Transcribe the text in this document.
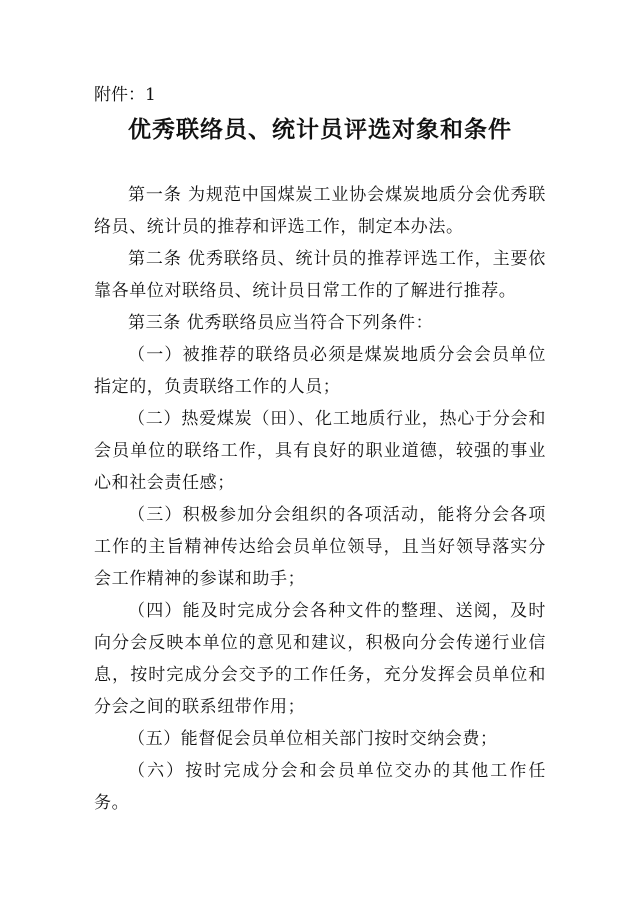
附件：1
优秀联络员、统计员评选对象和条件

第一条 为规范中国煤炭工业协会煤炭地质分会优秀联络员、统计员的推荐和评选工作，制定本办法。

第二条 优秀联络员、统计员的推荐评选工作，主要依靠各单位对联络员、统计员日常工作的了解进行推荐。

第三条 优秀联络员应当符合下列条件：

（一）被推荐的联络员必须是煤炭地质分会会员单位指定的，负责联络工作的人员；

（二）热爱煤炭（田）、化工地质行业，热心于分会和会员单位的联络工作，具有良好的职业道德，较强的事业心和社会责任感；

（三）积极参加分会组织的各项活动，能将分会各项工作的主旨精神传达给会员单位领导，且当好领导落实分会工作精神的参谋和助手；

（四）能及时完成分会各种文件的整理、送阅，及时向分会反映本单位的意见和建议，积极向分会传递行业信息，按时完成分会交予的工作任务，充分发挥会员单位和分会之间的联系纽带作用；

（五）能督促会员单位相关部门按时交纳会费；

（六）按时完成分会和会员单位交办的其他工作任务。
